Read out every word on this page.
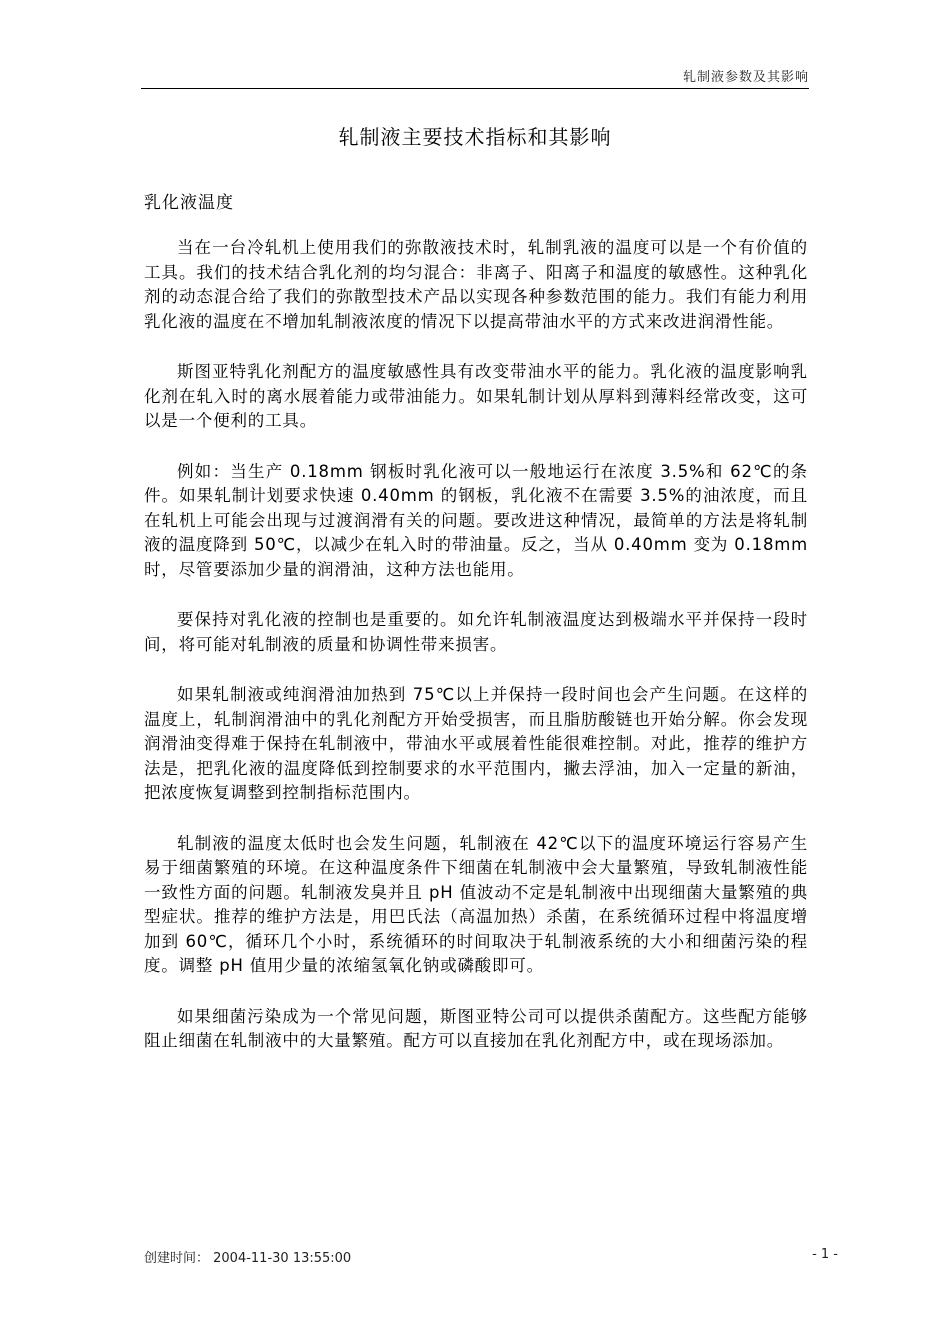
轧制液参数及其影响
轧制液主要技术指标和其影响
乳化液温度

当在一台冷轧机上使用我们的弥散液技术时，轧制乳液的温度可以是一个有价值的工具。我们的技术结合乳化剂的均匀混合：非离子、阳离子和温度的敏感性。这种乳化剂的动态混合给了我们的弥散型技术产品以实现各种参数范围的能力。我们有能力利用乳化液的温度在不增加轧制液浓度的情况下以提高带油水平的方式来改进润滑性能。

斯图亚特乳化剂配方的温度敏感性具有改变带油水平的能力。乳化液的温度影响乳化剂在轧入时的离水展着能力或带油能力。如果轧制计划从厚料到薄料经常改变，这可以是一个便利的工具。

例如：当生产 0.18mm 钢板时乳化液可以一般地运行在浓度 3.5%和 62℃的条件。如果轧制计划要求快速 0.40mm 的钢板，乳化液不在需要 3.5%的油浓度，而且在轧机上可能会出现与过渡润滑有关的问题。要改进这种情况，最简单的方法是将轧制液的温度降到 50℃，以减少在轧入时的带油量。反之，当从 0.40mm 变为 0.18mm 时，尽管要添加少量的润滑油，这种方法也能用。

要保持对乳化液的控制也是重要的。如允许轧制液温度达到极端水平并保持一段时间，将可能对轧制液的质量和协调性带来损害。

如果轧制液或纯润滑油加热到 75℃以上并保持一段时间也会产生问题。在这样的温度上，轧制润滑油中的乳化剂配方开始受损害，而且脂肪酸链也开始分解。你会发现润滑油变得难于保持在轧制液中，带油水平或展着性能很难控制。对此，推荐的维护方法是，把乳化液的温度降低到控制要求的水平范围内，撇去浮油，加入一定量的新油，把浓度恢复调整到控制指标范围内。

轧制液的温度太低时也会发生问题，轧制液在 42℃以下的温度环境运行容易产生易于细菌繁殖的环境。在这种温度条件下细菌在轧制液中会大量繁殖，导致轧制液性能一致性方面的问题。轧制液发臭并且 pH 值波动不定是轧制液中出现细菌大量繁殖的典型症状。推荐的维护方法是，用巴氏法（高温加热）杀菌，在系统循环过程中将温度增加到 60℃，循环几个小时，系统循环的时间取决于轧制液系统的大小和细菌污染的程度。调整 pH 值用少量的浓缩氢氧化钠或磷酸即可。

如果细菌污染成为一个常见问题，斯图亚特公司可以提供杀菌配方。这些配方能够阻止细菌在轧制液中的大量繁殖。配方可以直接加在乳化剂配方中，或在现场添加。

创建时间： 2004-11-30 13:55:00	- 1 -
